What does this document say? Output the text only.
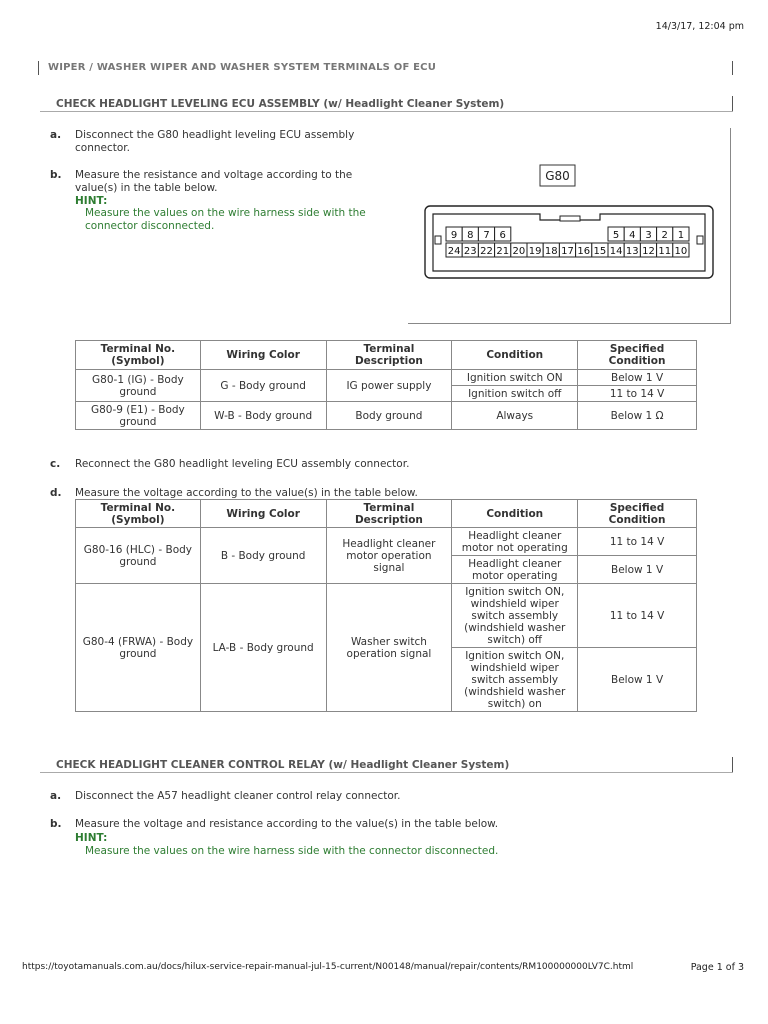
14/3/17, 12:04 pm
WIPER / WASHER WIPER AND WASHER SYSTEM TERMINALS OF ECU
CHECK HEADLIGHT LEVELING ECU ASSEMBLY (w/ Headlight Cleaner System)
a. Disconnect the G80 headlight leveling ECU assembly connector.
b. Measure the resistance and voltage according to the value(s) in the table below.
HINT:
Measure the values on the wire harness side with the connector disconnected.
G80
24 23 22 21 20 19 18 17 16 15 14 13 12 11 10
9 8 7 6	5 4 3 2 1
Terminal No. (Symbol)	Wiring Color	Terminal Description	Condition	Specified Condition
G80-1 (IG) - Body ground	G - Body ground	IG power supply	Ignition switch ON	Below 1 V
			Ignition switch off	11 to 14 V
G80-9 (E1) - Body ground	W-B - Body ground	Body ground	Always	Below 1 Ω
c. Reconnect the G80 headlight leveling ECU assembly connector.
d. Measure the voltage according to the value(s) in the table below.
Terminal No. (Symbol)	Wiring Color	Terminal Description	Condition	Specified Condition
G80-16 (HLC) - Body ground	B - Body ground	Headlight cleaner motor operation signal	Headlight cleaner motor not operating	11 to 14 V
			Headlight cleaner motor operating	Below 1 V
G80-4 (FRWA) - Body ground	LA-B - Body ground	Washer switch operation signal	Ignition switch ON, windshield wiper switch assembly (windshield washer switch) off	11 to 14 V
			Ignition switch ON, windshield wiper switch assembly (windshield washer switch) on	Below 1 V
CHECK HEADLIGHT CLEANER CONTROL RELAY (w/ Headlight Cleaner System)
a. Disconnect the A57 headlight cleaner control relay connector.
b. Measure the voltage and resistance according to the value(s) in the table below.
HINT:
Measure the values on the wire harness side with the connector disconnected.
https://toyotamanuals.com.au/docs/hilux-service-repair-manual-jul-15-current/N00148/manual/repair/contents/RM100000000LV7C.html	Page 1 of 3
